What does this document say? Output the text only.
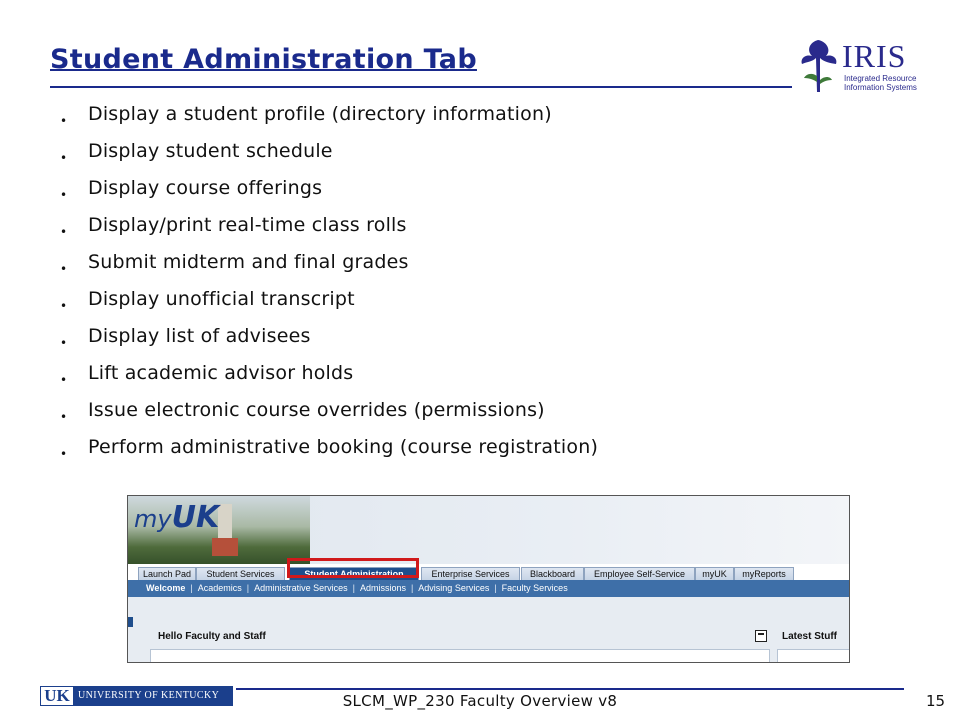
Student Administration Tab	IRIS
Integrated Resource
Information Systems
• Display a student profile (directory information)
• Display student schedule
• Display course offerings
• Display/print real-time class rolls
• Submit midterm and final grades
• Display unofficial transcript
• Display list of advisees
• Lift academic advisor holds
• Issue electronic course overrides (permissions)
• Perform administrative booking (course registration)
myUK
Launch Pad	Student Services	Student Administration	Enterprise Services	Blackboard	Employee Self-Service	myUK	myReports
Welcome | Academics | Administrative Services | Admissions | Advising Services | Faculty Services
Hello Faculty and Staff	Latest Stuff
UK UNIVERSITY OF KENTUCKY	SLCM_WP_230 Faculty Overview v8	15
